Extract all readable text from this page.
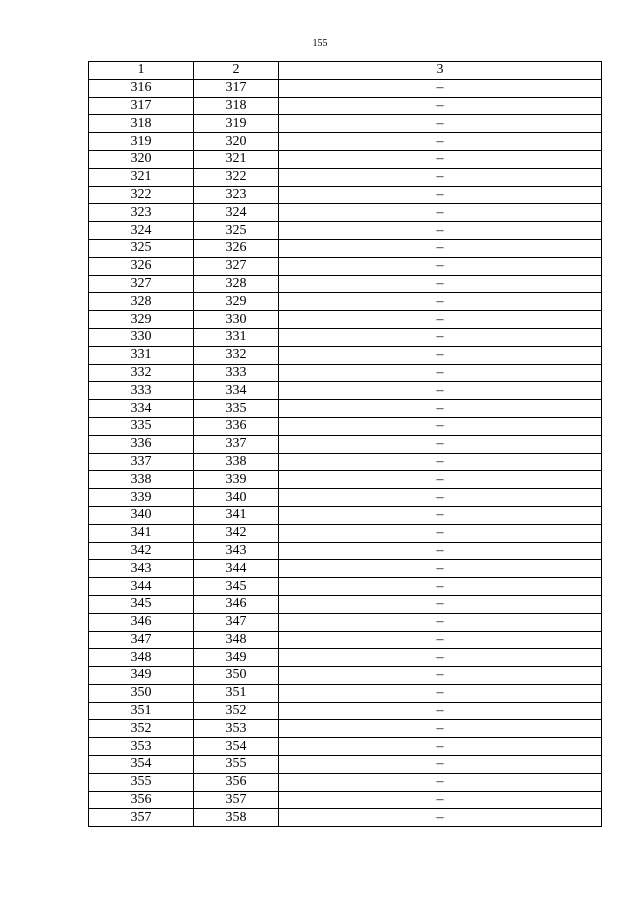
155
1	2	3
316	317	–
317	318	–
318	319	–
319	320	–
320	321	–
321	322	–
322	323	–
323	324	–
324	325	–
325	326	–
326	327	–
327	328	–
328	329	–
329	330	–
330	331	–
331	332	–
332	333	–
333	334	–
334	335	–
335	336	–
336	337	–
337	338	–
338	339	–
339	340	–
340	341	–
341	342	–
342	343	–
343	344	–
344	345	–
345	346	–
346	347	–
347	348	–
348	349	–
349	350	–
350	351	–
351	352	–
352	353	–
353	354	–
354	355	–
355	356	–
356	357	–
357	358	–
